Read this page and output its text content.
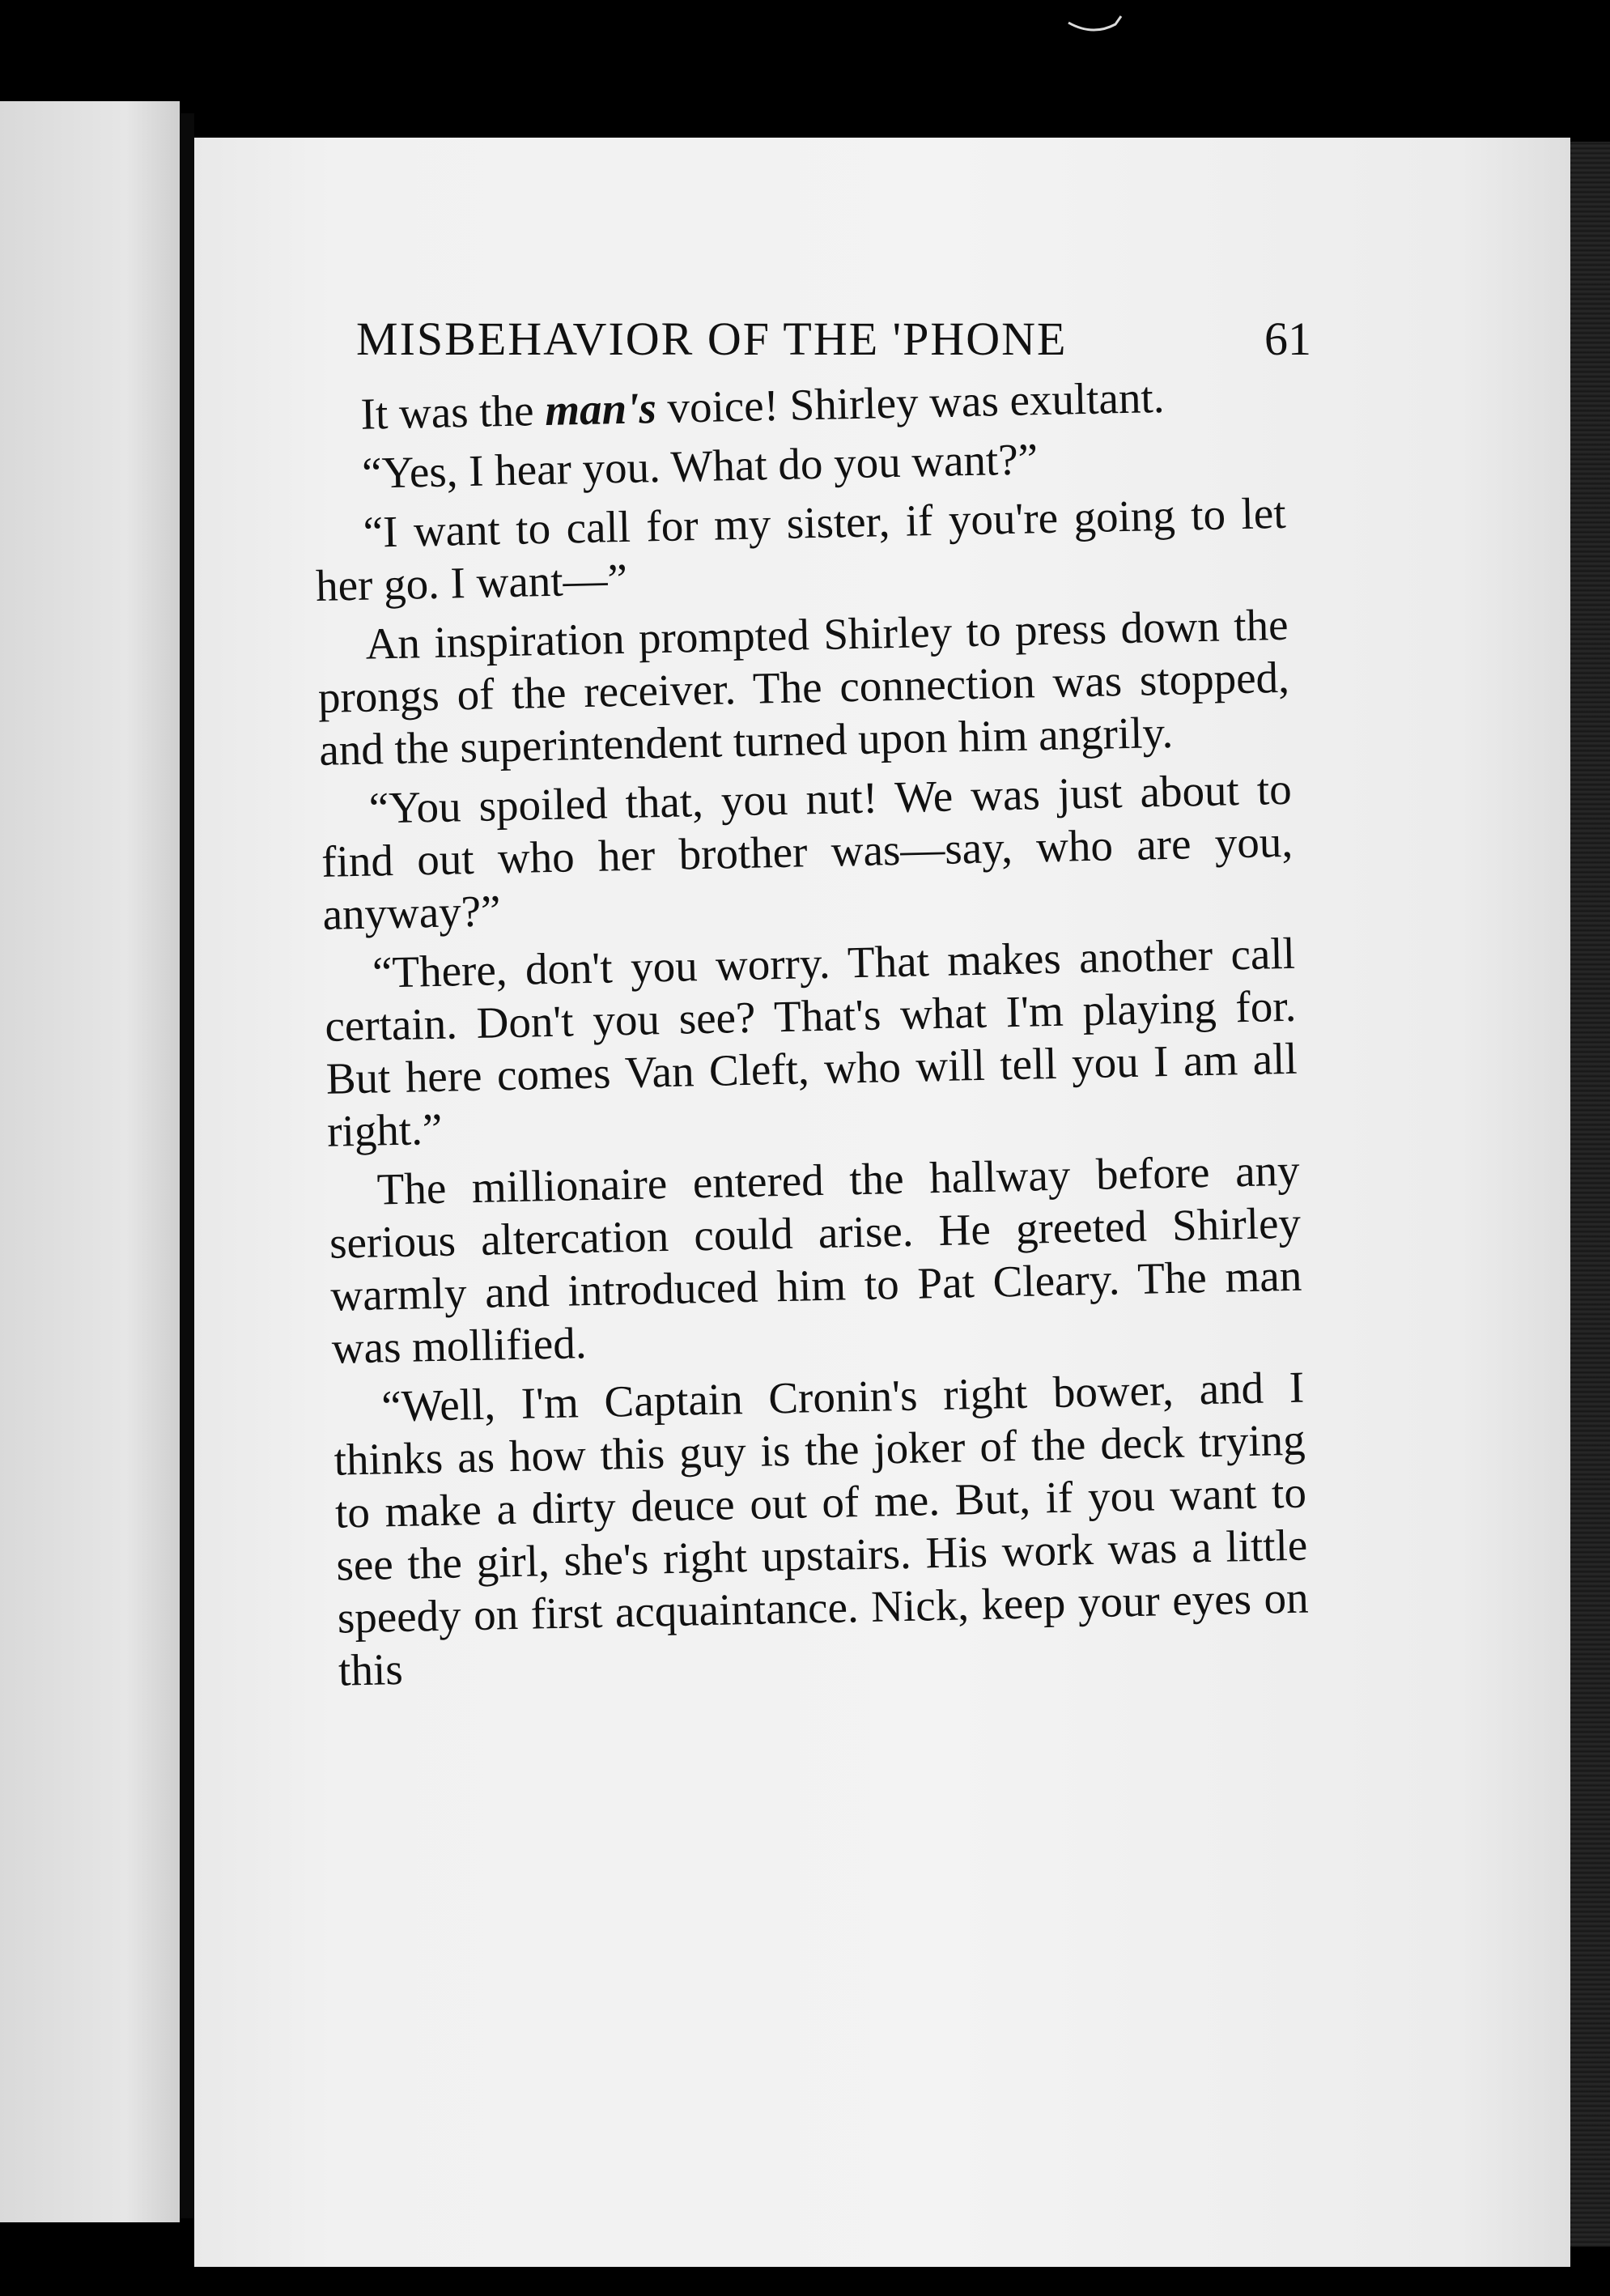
MISBEHAVIOR OF THE 'PHONE	61

It was the man's voice! Shirley was exultant.

“Yes, I hear you. What do you want?”

“I want to call for my sister, if you're going to let her go. I want—”

An inspiration prompted Shirley to press down the prongs of the receiver. The connection was stopped, and the superintendent turned upon him angrily.

“You spoiled that, you nut! We was just about to find out who her brother was—say, who are you, anyway?”

“There, don't you worry. That makes another call certain. Don't you see? That's what I'm playing for. But here comes Van Cleft, who will tell you I am all right.”

The millionaire entered the hallway before any serious altercation could arise. He greeted Shirley warmly and introduced him to Pat Cleary. The man was mollified.

“Well, I'm Captain Cronin's right bower, and I thinks as how this guy is the joker of the deck trying to make a dirty deuce out of me. But, if you want to see the girl, she's right upstairs. His work was a little speedy on first acquaintance. Nick, keep your eyes on this
